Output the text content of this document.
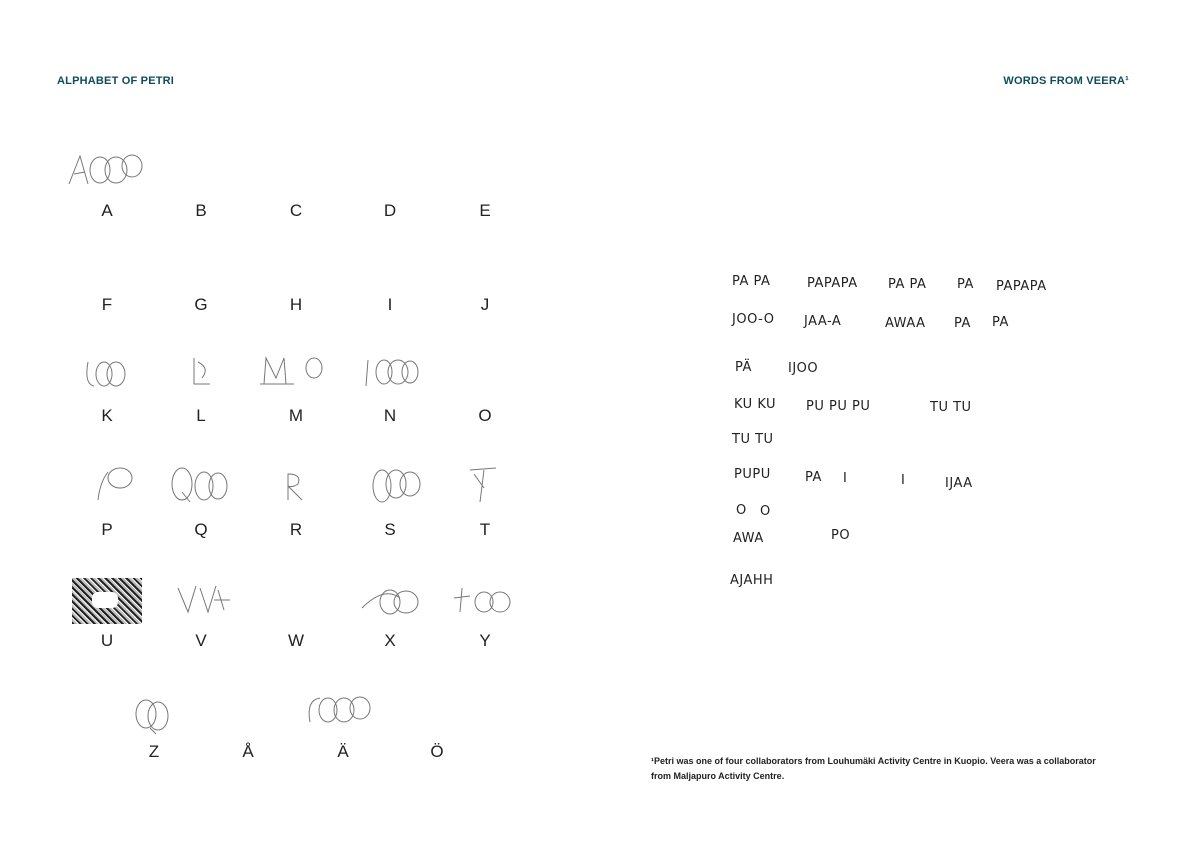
ALPHABET OF PETRI	WORDS FROM VEERA¹
A	B	C	D	E
F	G	H	I	J
K	L	M	N	O
P	Q	R	S	T
U	V	W	X	Y
Z	Å	Ä	Ö
PA PA	PAPAPA PA PA PA PAPAPA
JOO-O JAA-A	AWAA PA PA
PÄ	IJOO
KU KU PU PU PU	TU TU
TU TU
PUPU	PA I	I	IJAA
O O
AWA	PO
AJAHH
¹Petri was one of four collaborators from Louhumäki Activity Centre in Kuopio. Veera was a collaborator from Maljapuro Activity Centre.
